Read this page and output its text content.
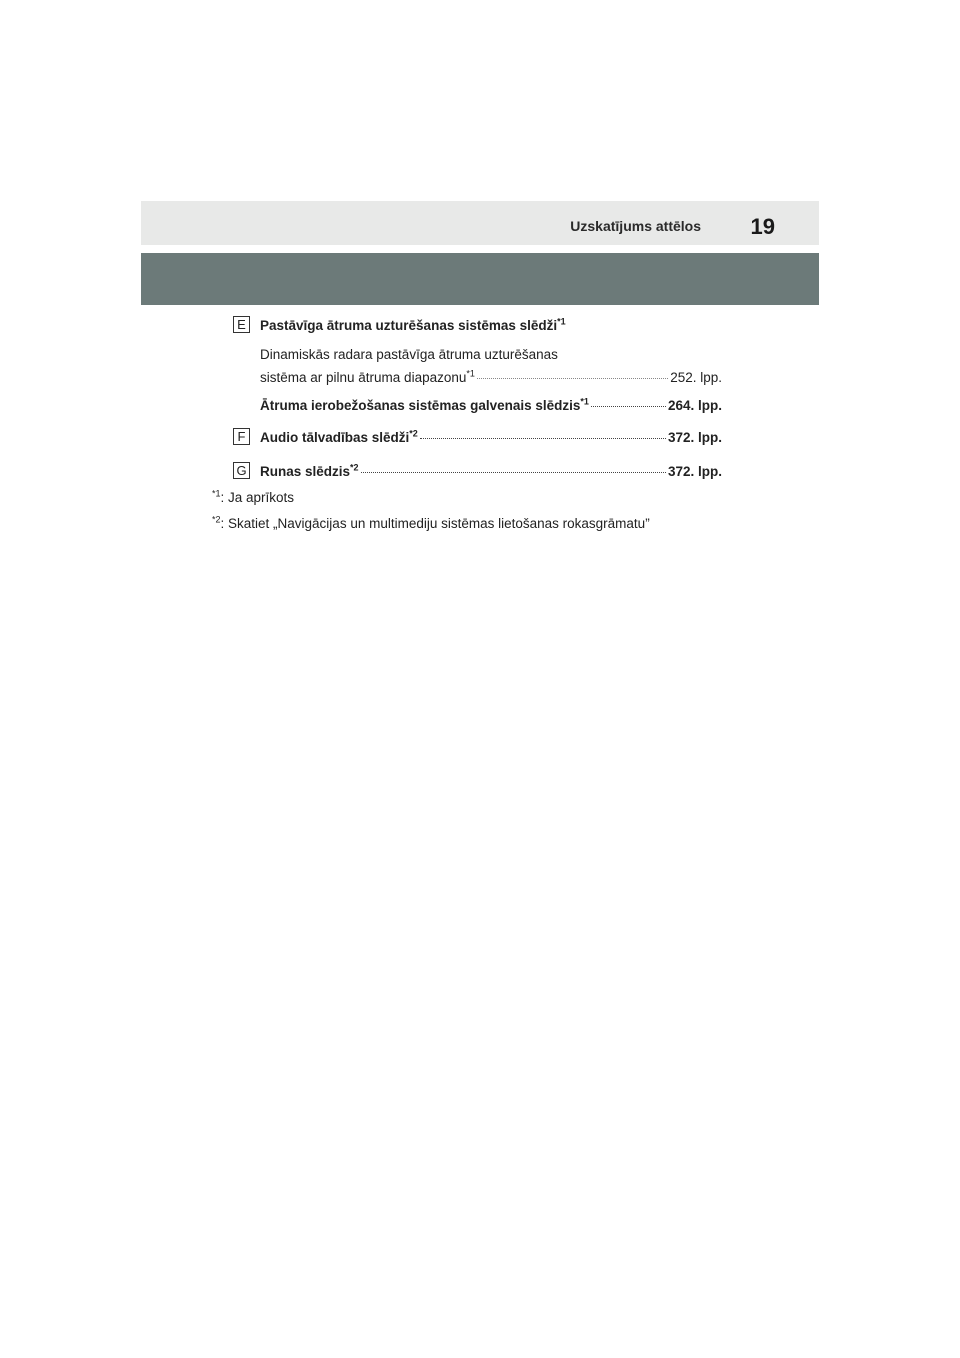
Uzskatījums attēlos 19
E	Pastāvīga ātruma uzturēšanas sistēmas slēdži$^{*1}$
Dinamiskās radara pastāvīga ātruma uzturēšanas
sistēma ar pilnu ātruma diapazonu$^{*1}$	252. lpp.
Ātruma ierobežošanas sistēmas galvenais slēdzis$^{*1}$	264. lpp.
F	Audio tālvadības slēdži$^{*2}$	372. lpp.
G Runas slēdzis$^{*2}$	372. lpp.
$^{*1}$: Ja aprīkots
$^{*2}$: Skatiet „Navigācijas un multimediju sistēmas lietošanas rokasgrāmatu”
